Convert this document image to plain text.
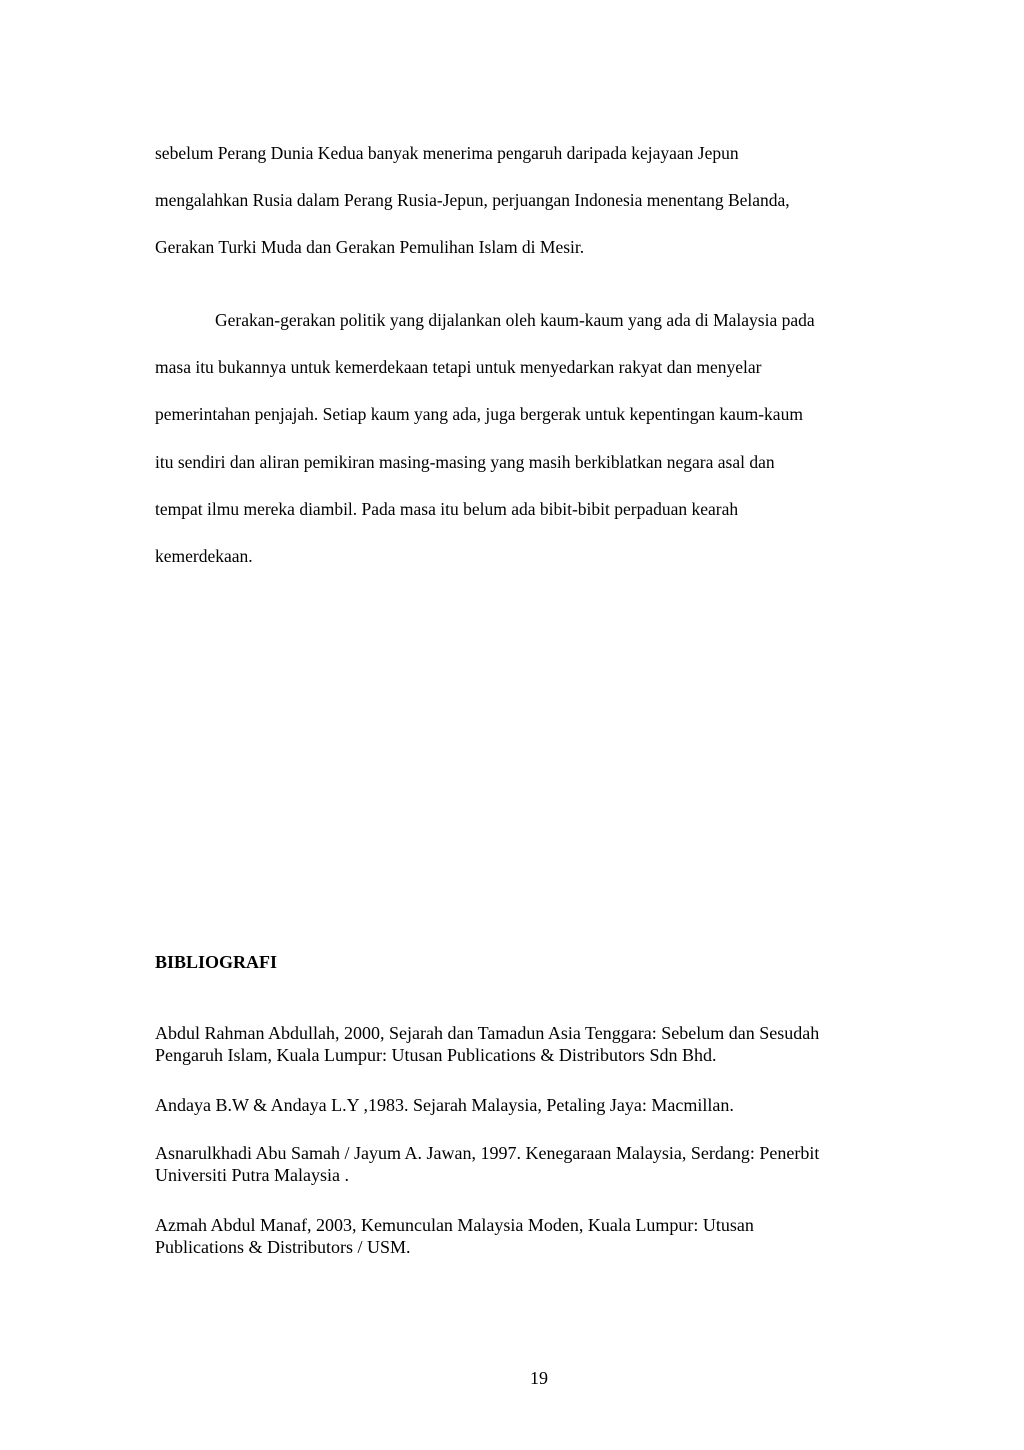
sebelum Perang Dunia Kedua banyak menerima pengaruh daripada kejayaan Jepun

mengalahkan Rusia dalam Perang Rusia-Jepun, perjuangan Indonesia menentang Belanda,

Gerakan Turki Muda dan Gerakan Pemulihan Islam di Mesir.

Gerakan-gerakan politik yang dijalankan oleh kaum-kaum yang ada di Malaysia pada

masa itu bukannya untuk kemerdekaan tetapi untuk menyedarkan rakyat dan menyelar

pemerintahan penjajah. Setiap kaum yang ada, juga bergerak untuk kepentingan kaum-kaum

itu sendiri dan aliran pemikiran masing-masing yang masih berkiblatkan negara asal dan

tempat ilmu mereka diambil. Pada masa itu belum ada bibit-bibit perpaduan kearah

kemerdekaan.

BIBLIOGRAFI
Abdul Rahman Abdullah, 2000, Sejarah dan Tamadun Asia Tenggara: Sebelum dan Sesudah
Pengaruh Islam, Kuala Lumpur: Utusan Publications & Distributors Sdn Bhd.
Andaya B.W & Andaya L.Y ,1983. Sejarah Malaysia, Petaling Jaya: Macmillan.
Asnarulkhadi Abu Samah / Jayum A. Jawan, 1997. Kenegaraan Malaysia, Serdang: Penerbit
Universiti Putra Malaysia .
Azmah Abdul Manaf, 2003, Kemunculan Malaysia Moden, Kuala Lumpur: Utusan
Publications & Distributors / USM.

19
